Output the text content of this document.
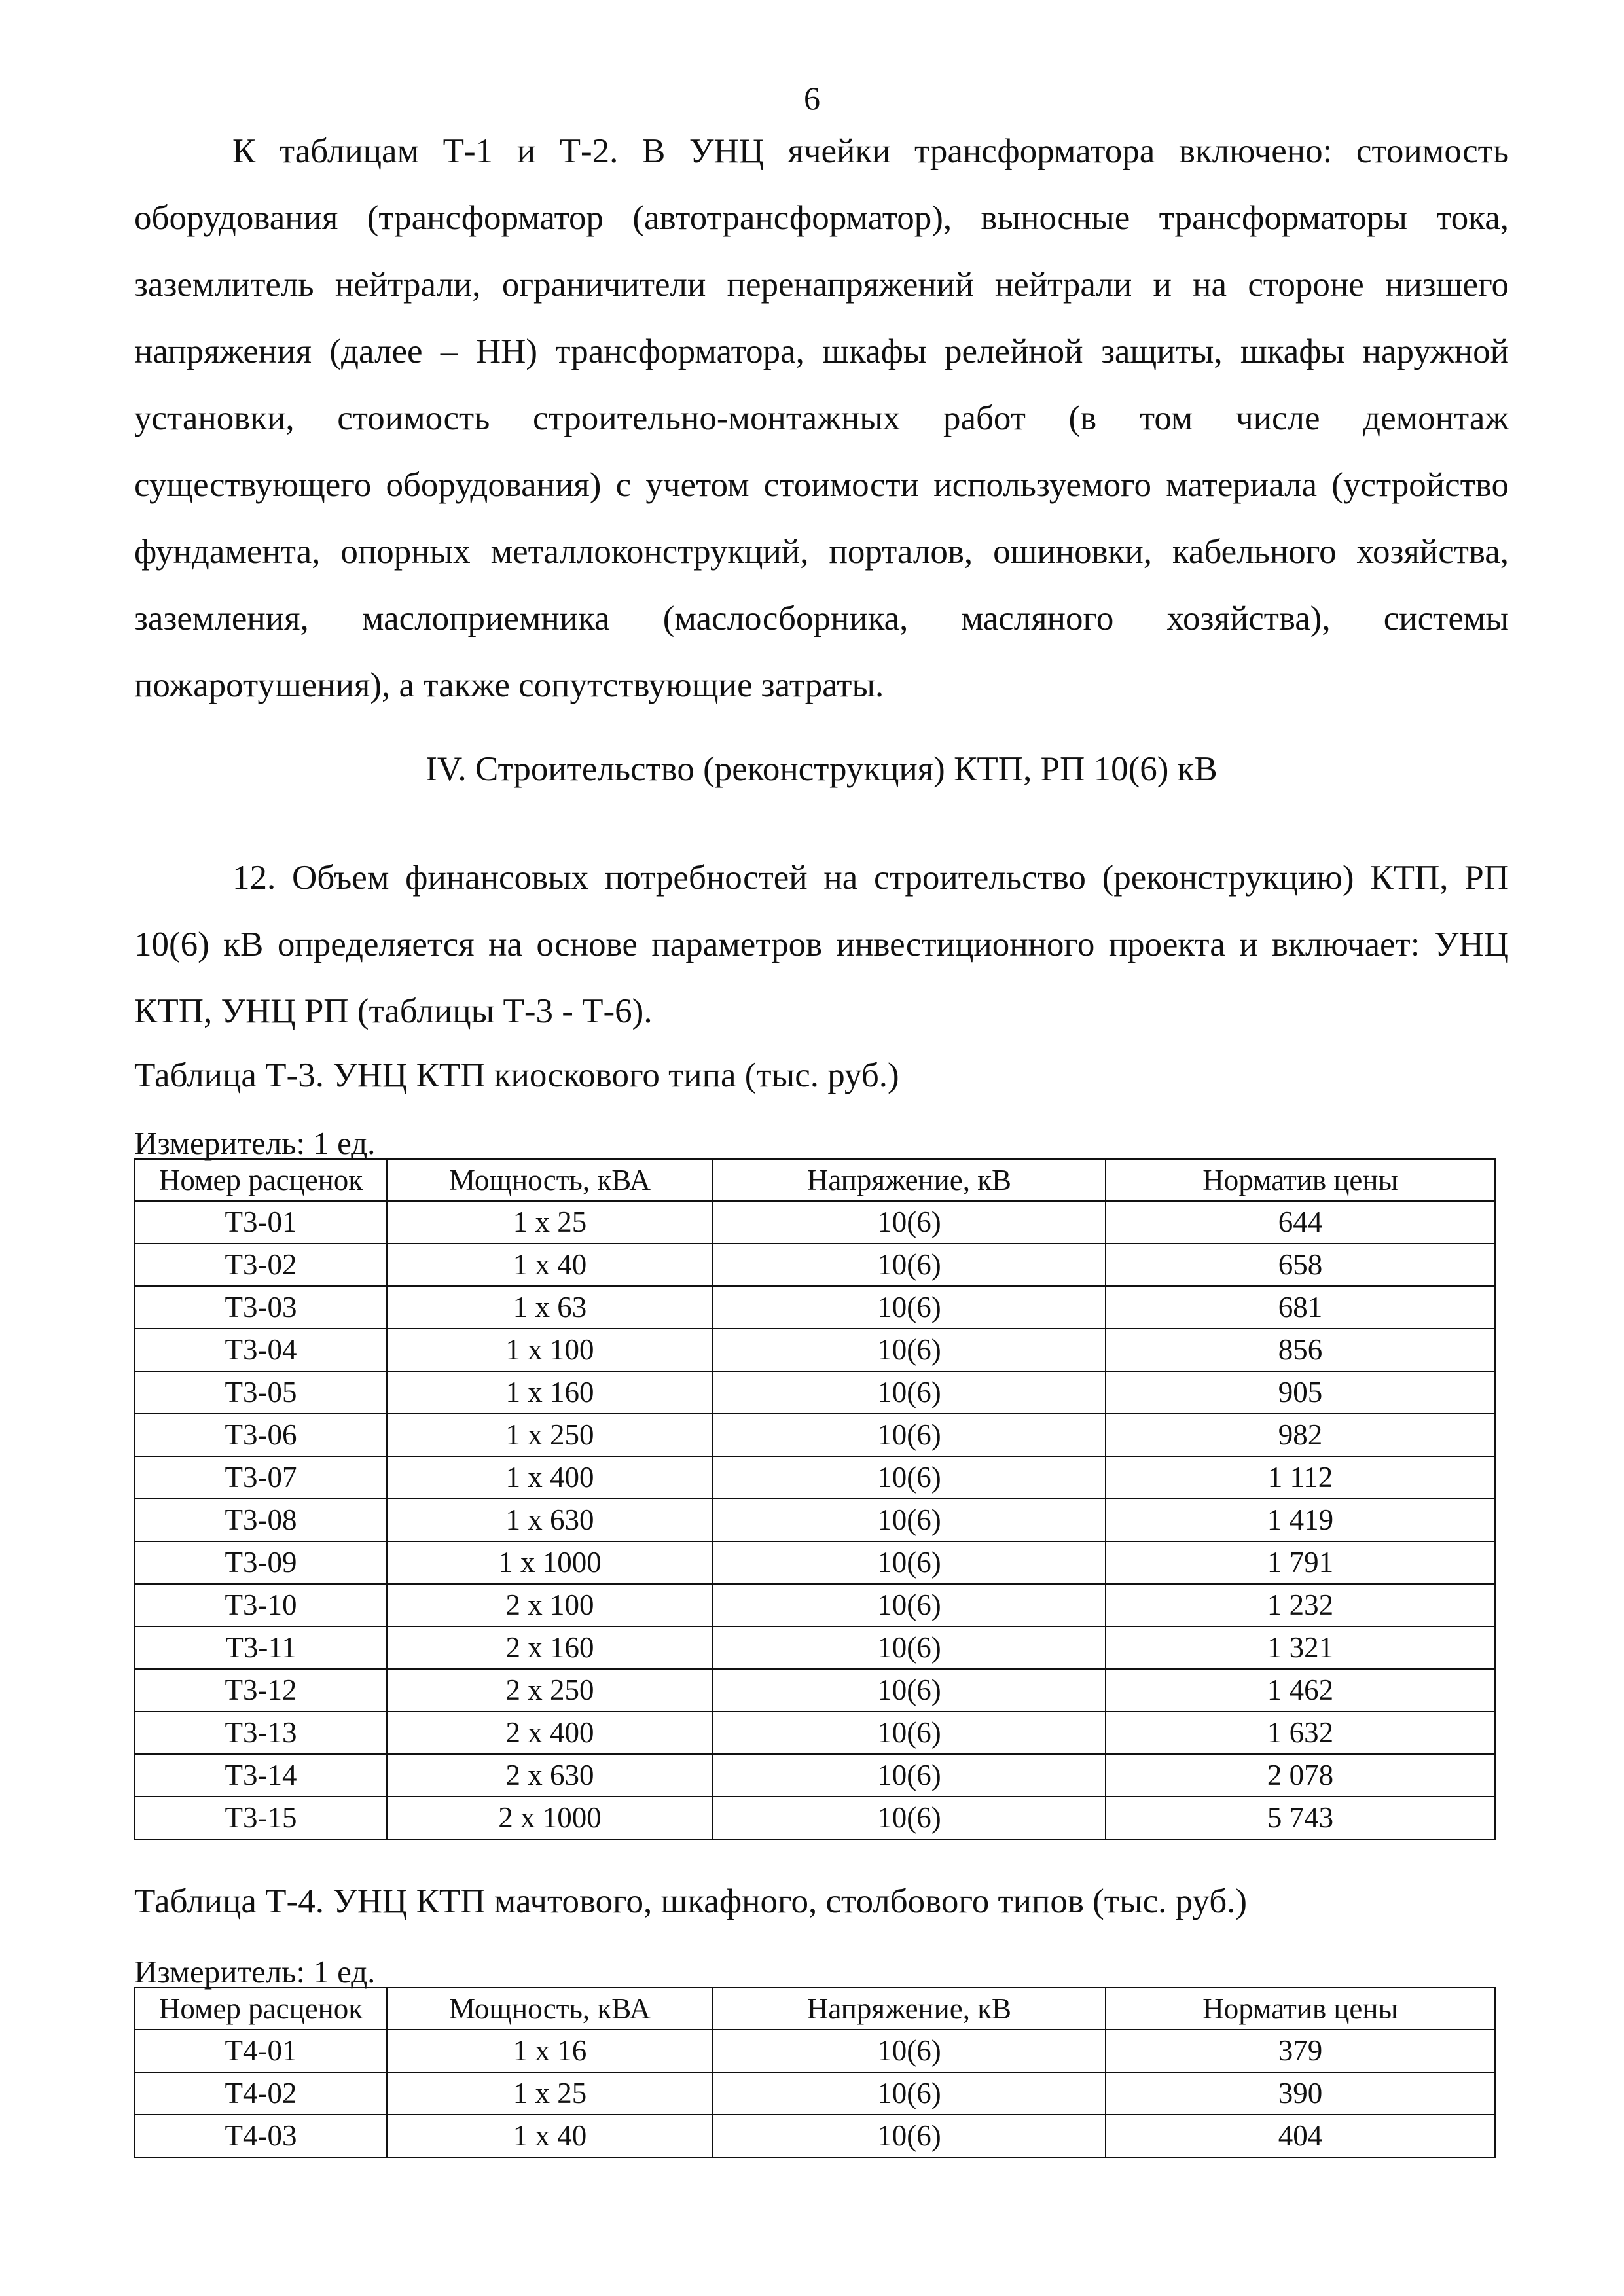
6

К таблицам Т-1 и Т-2. В УНЦ ячейки трансформатора включено: стоимость оборудования (трансформатор (автотрансформатор), выносные трансформаторы тока, заземлитель нейтрали, ограничители перенапряжений нейтрали и на стороне низшего напряжения (далее – НН) трансформатора, шкафы релейной защиты, шкафы наружной установки, стоимость строительно-монтажных работ (в том числе демонтаж существующего оборудования) с учетом стоимости используемого материала (устройство фундамента, опорных металлоконструкций, порталов, ошиновки, кабельного хозяйства, заземления, маслоприемника (маслосборника, масляного хозяйства), системы пожаротушения), а также сопутствующие затраты.

IV. Строительство (реконструкция) КТП, РП 10(6) кВ

12. Объем финансовых потребностей на строительство (реконструкцию) КТП, РП 10(6) кВ определяется на основе параметров инвестиционного проекта и включает: УНЦ КТП, УНЦ РП (таблицы Т-3 - Т-6).

Таблица Т-3. УНЦ КТП киоскового типа (тыс. руб.)

Измеритель: 1 ед.

Номер расценок	Мощность, кВА	Напряжение, кВ	Норматив цены
Т3-01	1 х 25	10(6)	644
Т3-02	1 х 40	10(6)	658
Т3-03	1 х 63	10(6)	681
Т3-04	1 х 100	10(6)	856
Т3-05	1 х 160	10(6)	905
Т3-06	1 х 250	10(6)	982
Т3-07	1 х 400	10(6)	1 112
Т3-08	1 х 630	10(6)	1 419
Т3-09	1 х 1000	10(6)	1 791
Т3-10	2 х 100	10(6)	1 232
Т3-11	2 х 160	10(6)	1 321
Т3-12	2 х 250	10(6)	1 462
Т3-13	2 х 400	10(6)	1 632
Т3-14	2 х 630	10(6)	2 078
Т3-15	2 х 1000	10(6)	5 743

Таблица Т-4. УНЦ КТП мачтового, шкафного, столбового типов (тыс. руб.)

Измеритель: 1 ед.

Номер расценок	Мощность, кВА	Напряжение, кВ	Норматив цены
Т4-01	1 х 16	10(6)	379
Т4-02	1 х 25	10(6)	390
Т4-03	1 х 40	10(6)	404
